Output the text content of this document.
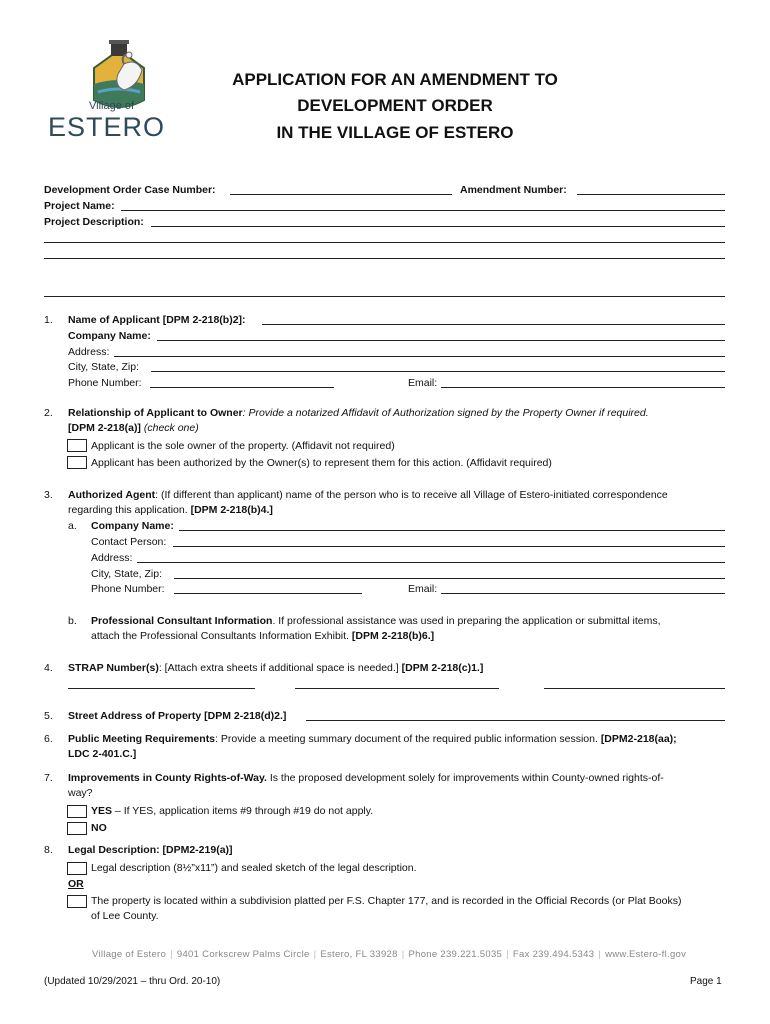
Village of
ESTERO
APPLICATION FOR AN AMENDMENT TO
DEVELOPMENT ORDER
IN THE VILLAGE OF ESTERO
Development Order Case Number:	Amendment Number:
Project Name:
Project Description:
1. Name of Applicant [DPM 2-218(b)2]:
Company Name:
Address:
City, State, Zip:
Phone Number:	Email:
2. Relationship of Applicant to Owner: Provide a notarized Affidavit of Authorization signed by the Property Owner if required.
[DPM 2-218(a)] (check one)
Applicant is the sole owner of the property. (Affidavit not required)
Applicant has been authorized by the Owner(s) to represent them for this action. (Affidavit required)
3. Authorized Agent: (If different than applicant) name of the person who is to receive all Village of Estero-initiated correspondence
regarding this application. [DPM 2-218(b)4.]
a. Company Name:
Contact Person:
Address:
City, State, Zip:
Phone Number:	Email:
b. Professional Consultant Information. If professional assistance was used in preparing the application or submittal items,
attach the Professional Consultants Information Exhibit. [DPM 2-218(b)6.]
4. STRAP Number(s): [Attach extra sheets if additional space is needed.] [DPM 2-218(c)1.]
5. Street Address of Property [DPM 2-218(d)2.]
6. Public Meeting Requirements: Provide a meeting summary document of the required public information session. [DPM2-218(aa);
LDC 2-401.C.]
7. Improvements in County Rights-of-Way. Is the proposed development solely for improvements within County-owned rights-of-
way?
YES – If YES, application items #9 through #19 do not apply.
NO
8. Legal Description: [DPM2-219(a)]
Legal description (8½”x11”) and sealed sketch of the legal description.
OR
The property is located within a subdivision platted per F.S. Chapter 177, and is recorded in the Official Records (or Plat Books)
of Lee County.
Village of Estero | 9401 Corkscrew Palms Circle | Estero, FL 33928 | Phone 239.221.5035 | Fax 239.494.5343 | www.Estero-fl.gov
(Updated 10/29/2021 – thru Ord. 20-10)	Page 1
